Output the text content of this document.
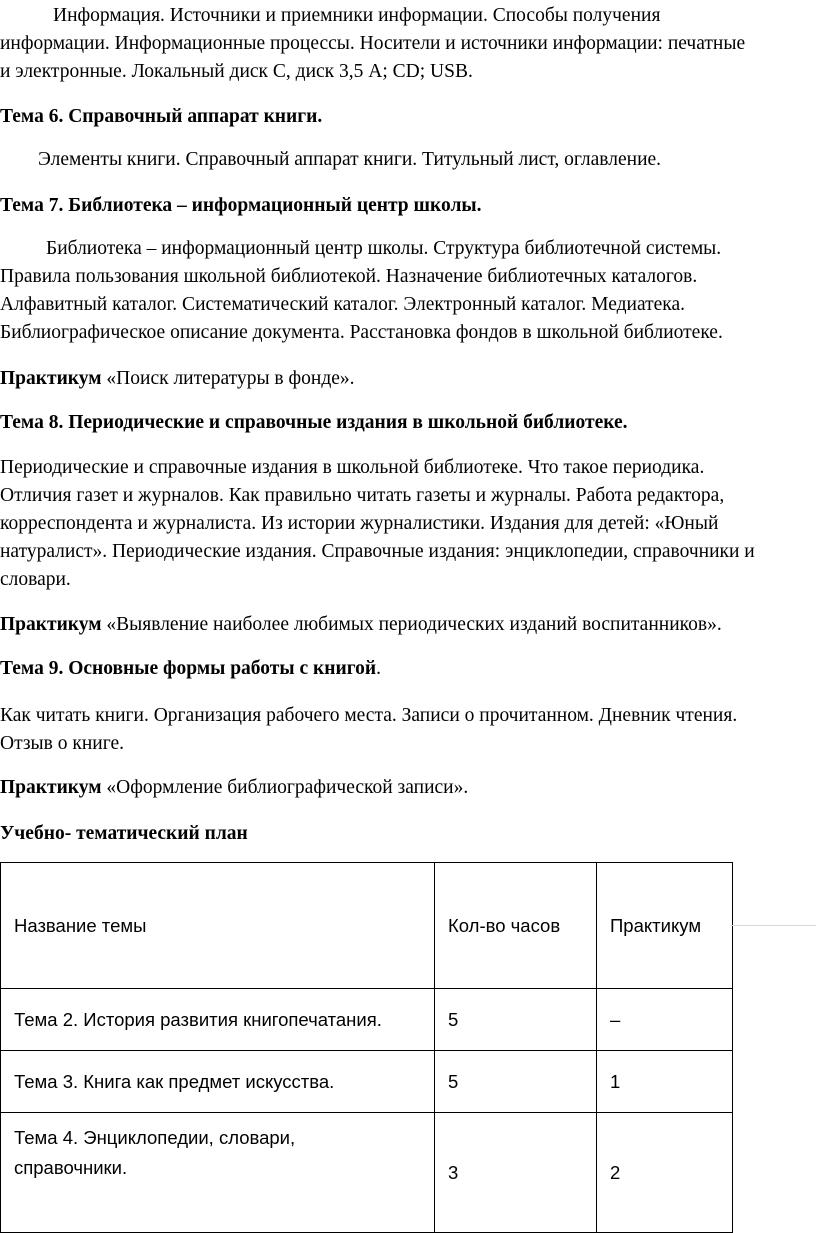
Информация. Источники и приемники информации. Способы получения

информации. Информационные процессы. Носители и источники информации: печатные

и электронные. Локальный диск С, диск 3,5 А; CD; USB.

Тема 6. Справочный аппарат книги.

Элементы книги. Справочный аппарат книги. Титульный лист, оглавление.

Тема 7. Библиотека – информационный центр школы.

Библиотека – информационный центр школы. Структура библиотечной системы.

Правила пользования школьной библиотекой. Назначение библиотечных каталогов.

Алфавитный каталог. Систематический каталог. Электронный каталог. Медиатека.

Библиографическое описание документа. Расстановка фондов в школьной библиотеке.

Практикум «Поиск литературы в фонде».

Тема 8. Периодические и справочные издания в школьной библиотеке.

Периодические и справочные издания в школьной библиотеке. Что такое периодика.

Отличия газет и журналов. Как правильно читать газеты и журналы. Работа редактора,

корреспондента и журналиста. Из истории журналистики. Издания для детей: «Юный

натуралист». Периодические издания. Справочные издания: энциклопедии, справочники и

словари.

Практикум «Выявление наиболее любимых периодических изданий воспитанников».

Тема 9. Основные формы работы с книгой.

Как читать книги. Организация рабочего места. Записи о прочитанном. Дневник чтения.

Отзыв о книге.

Практикум «Оформление библиографической записи».

Учебно- тематический план

Название темы	Кол-во часов	Практикум
Тема 2. История развития книгопечатания.	5	–
Тема 3. Книга как предмет искусства.	5	1

Тема 4. Энциклопедии, словари,
справочники.	3	2
